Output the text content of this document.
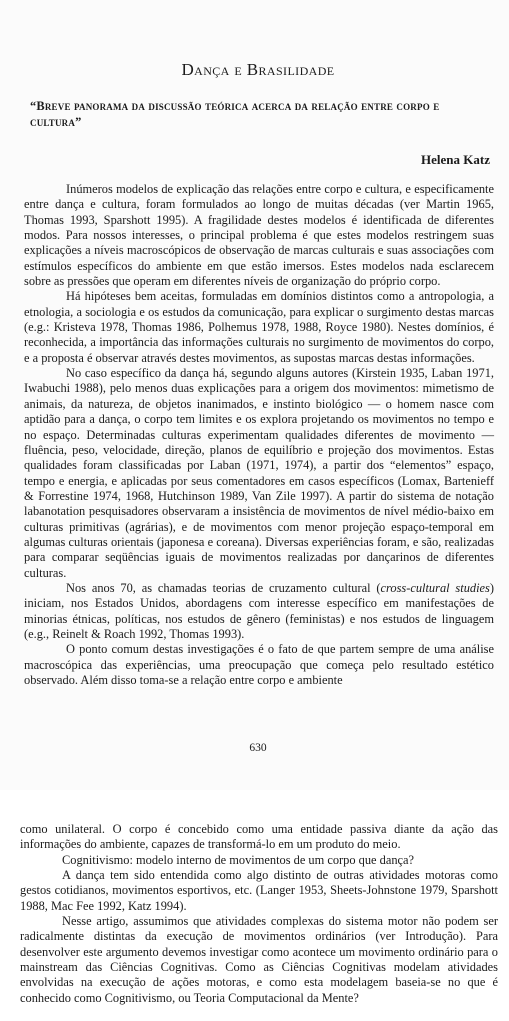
Dança e Brasilidade
“Breve panorama da discussão teórica acerca da relação entre corpo e cultura”

Helena Katz

Inúmeros modelos de explicação das relações entre corpo e cultura, e especificamente entre dança e cultura, foram formulados ao longo de muitas décadas (ver Martin 1965, Thomas 1993, Sparshott 1995). A fragilidade destes modelos é identificada de diferentes modos. Para nossos interesses, o principal problema é que estes modelos restringem suas explicações a níveis macroscópicos de observação de marcas culturais e suas associações com estímulos específicos do ambiente em que estão imersos. Estes modelos nada esclarecem sobre as pressões que operam em diferentes níveis de organização do próprio corpo.

Há hipóteses bem aceitas, formuladas em domínios distintos como a antropologia, a etnologia, a sociologia e os estudos da comunicação, para explicar o surgimento destas marcas (e.g.: Kristeva 1978, Thomas 1986, Polhemus 1978, 1988, Royce 1980). Nestes domínios, é reconhecida, a importância das informações culturais no surgimento de movimentos do corpo, e a proposta é observar através destes movimentos, as supostas marcas destas informações.

No caso específico da dança há, segundo alguns autores (Kirstein 1935, Laban 1971, Iwabuchi 1988), pelo menos duas explicações para a origem dos movimentos: mimetismo de animais, da natureza, de objetos inanimados, e instinto biológico — o homem nasce com aptidão para a dança, o corpo tem limites e os explora projetando os movimentos no tempo e no espaço. Determinadas culturas experimentam qualidades diferentes de movimento — fluência, peso, velocidade, direção, planos de equilíbrio e projeção dos movimentos. Estas qualidades foram classificadas por Laban (1971, 1974), a partir dos “elementos” espaço, tempo e energia, e aplicadas por seus comentadores em casos específicos (Lomax, Bartenieff & Forrestine 1974, 1968, Hutchinson 1989, Van Zile 1997). A partir do sistema de notação labanotation pesquisadores observaram a insistência de movimentos de nível médio-baixo em culturas primitivas (agrárias), e de movimentos com menor projeção espaço-temporal em algumas culturas orientais (japonesa e coreana). Diversas experiências foram, e são, realizadas para comparar seqüências iguais de movimentos realizadas por dançarinos de diferentes culturas.

Nos anos 70, as chamadas teorias de cruzamento cultural (cross-cultural studies) iniciam, nos Estados Unidos, abordagens com interesse específico em manifestações de minorias étnicas, políticas, nos estudos de gênero (feministas) e nos estudos de linguagem (e.g., Reinelt & Roach 1992, Thomas 1993).

O ponto comum destas investigações é o fato de que partem sempre de uma análise macroscópica das experiências, uma preocupação que começa pelo resultado estético observado. Além disso toma-se a relação entre corpo e ambiente

630

como unilateral. O corpo é concebido como uma entidade passiva diante da ação das informações do ambiente, capazes de transformá-lo em um produto do meio.

Cognitivismo: modelo interno de movimentos de um corpo que dança?

A dança tem sido entendida como algo distinto de outras atividades motoras como gestos cotidianos, movimentos esportivos, etc. (Langer 1953, Sheets-Johnstone 1979, Sparshott 1988, Mac Fee 1992, Katz 1994).

Nesse artigo, assumimos que atividades complexas do sistema motor não podem ser radicalmente distintas da execução de movimentos ordinários (ver Introdução). Para desenvolver este argumento devemos investigar como acontece um movimento ordinário para o mainstream das Ciências Cognitivas. Como as Ciências Cognitivas modelam atividades envolvidas na execução de ações motoras, e como esta modelagem baseia-se no que é conhecido como Cognitivismo, ou Teoria Computacional da Mente?
